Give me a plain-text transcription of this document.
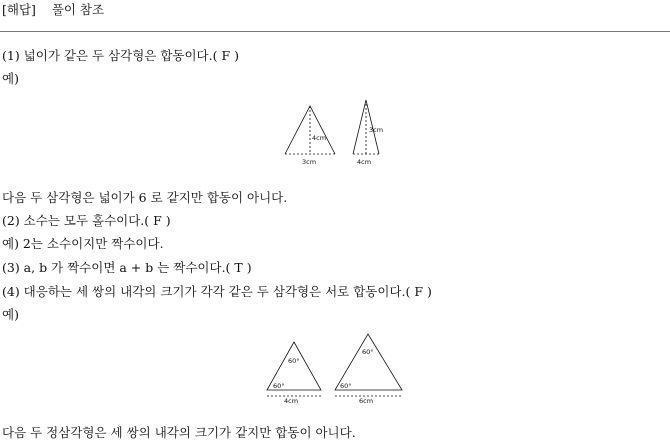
[해답] 풀이 참조
(1) 넓이가 같은 두 삼각형은 합동이다.( F )
예)
4cm
3cm
3cm
4cm
다음 두 삼각형은 넓이가 6 로 같지만 합동이 아니다.
(2) 소수는 모두 홀수이다.( F )
예) 2는 소수이지만 짝수이다.
(3) a, b 가 짝수이면 a + b 는 짝수이다.( T )
(4) 대응하는 세 쌍의 내각의 크기가 각각 같은 두 삼각형은 서로 합동이다.( F )
예)
60°
60°
4cm
60°
60°
6cm
다음 두 정삼각형은 세 쌍의 내각의 크기가 같지만 합동이 아니다.
